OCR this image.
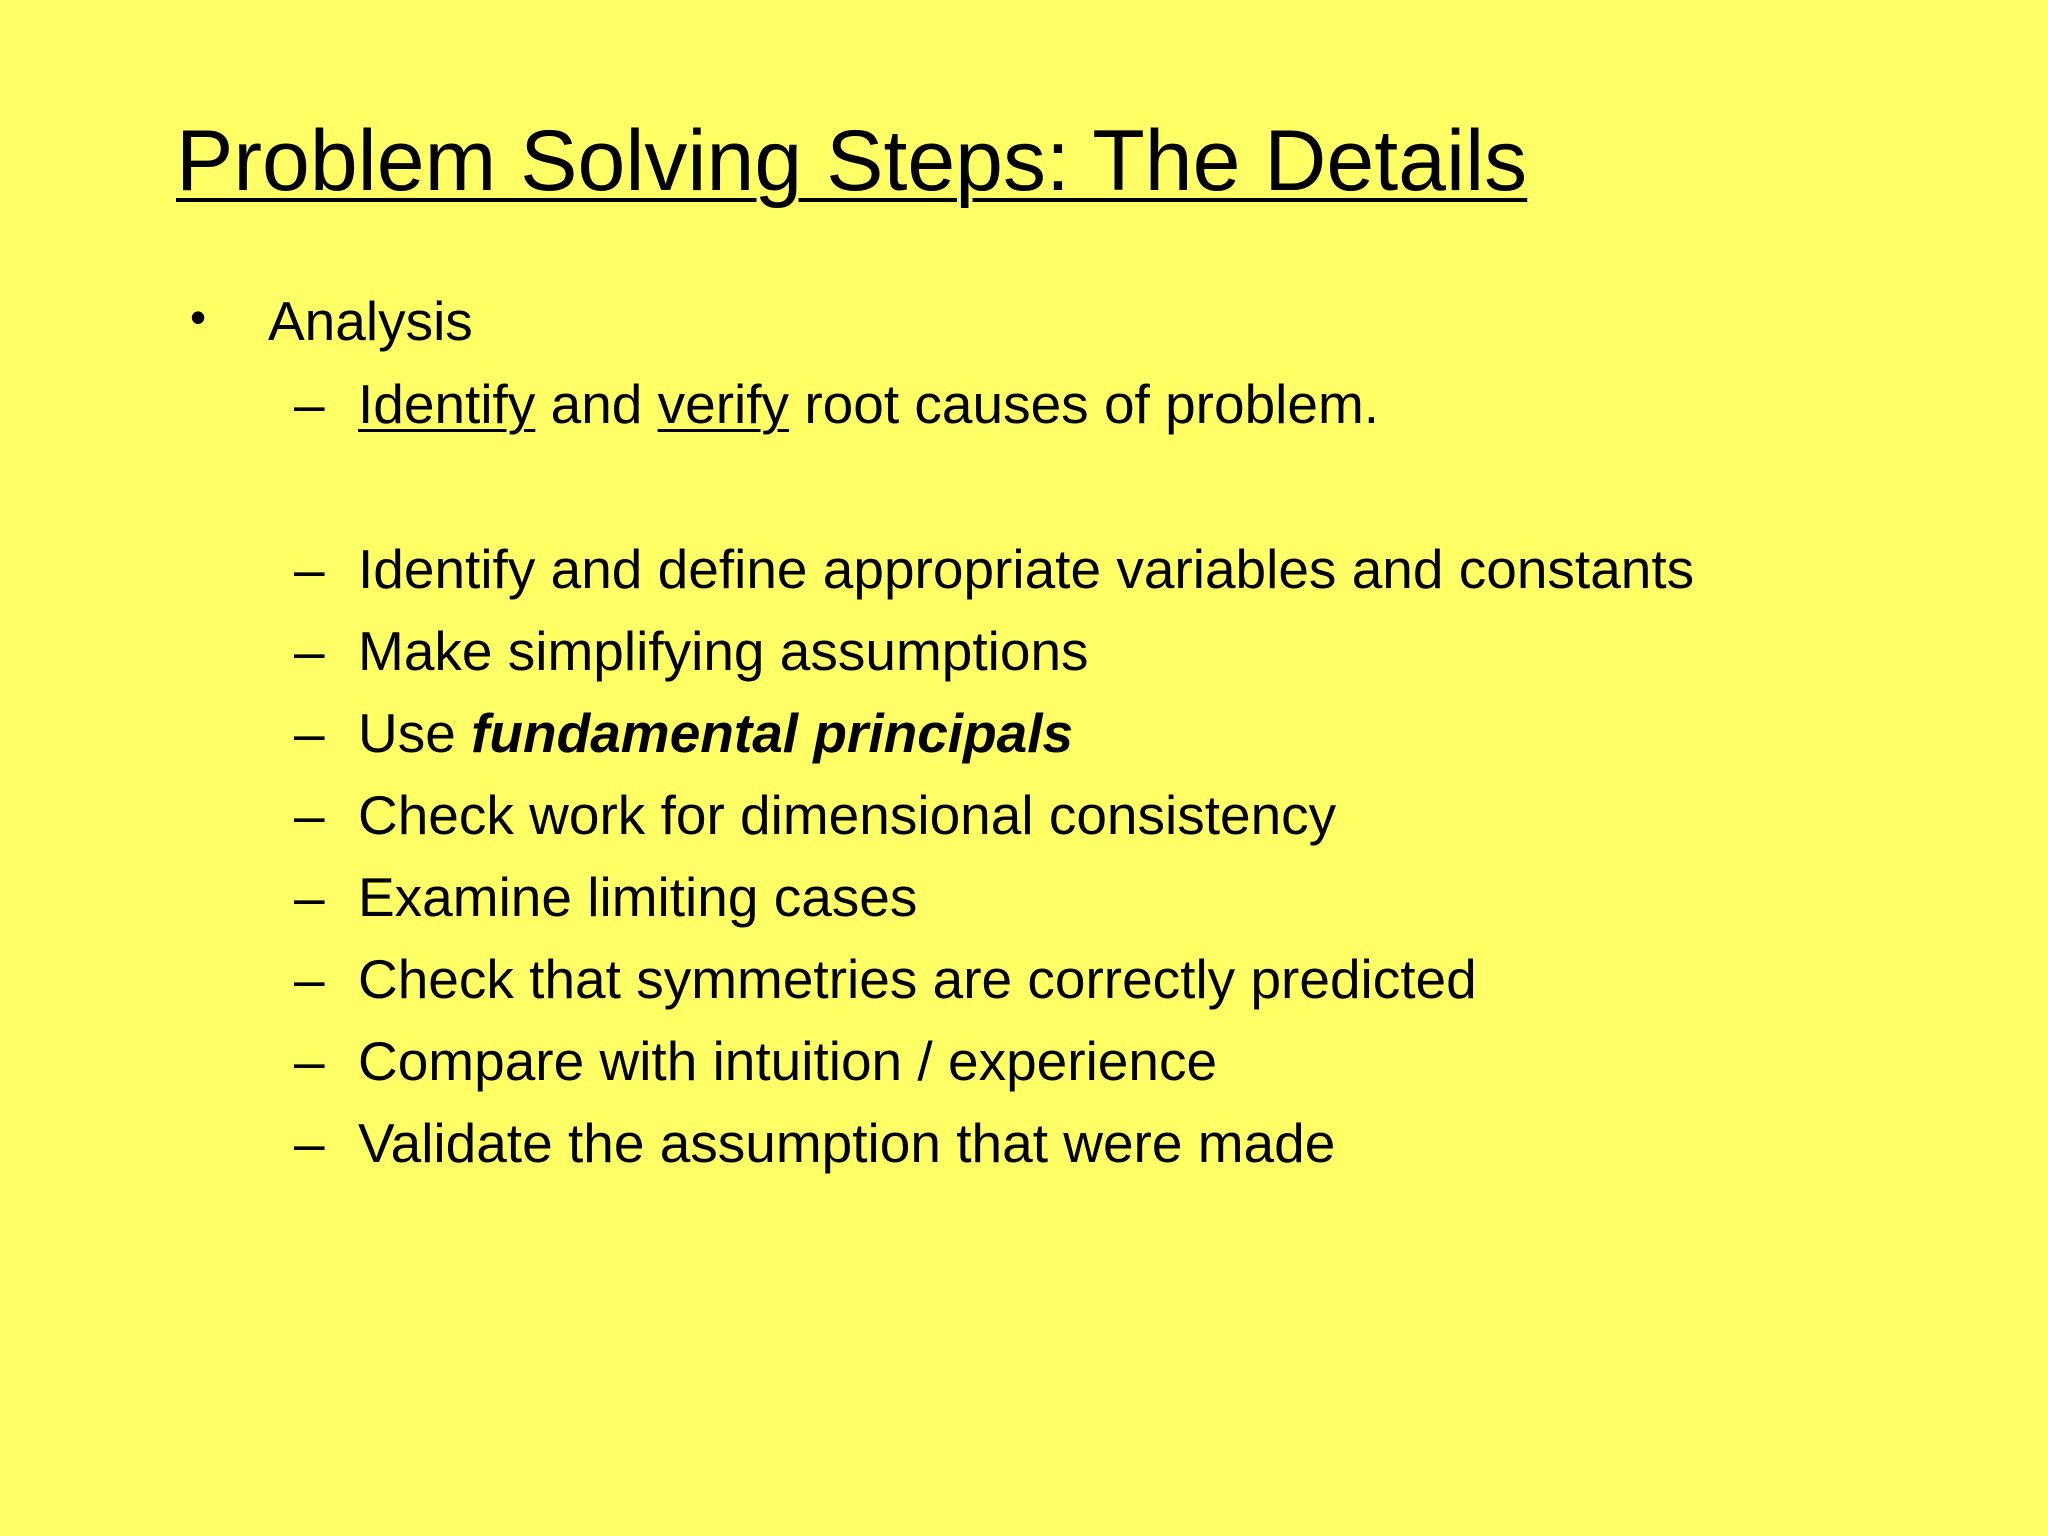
Problem Solving Steps: The Details
• Analysis
– Identify and verify root causes of problem.
– Identify and define appropriate variables and constants
– Make simplifying assumptions
– Use fundamental principals
– Check work for dimensional consistency
– Examine limiting cases
– Check that symmetries are correctly predicted
– Compare with intuition / experience
– Validate the assumption that were made
